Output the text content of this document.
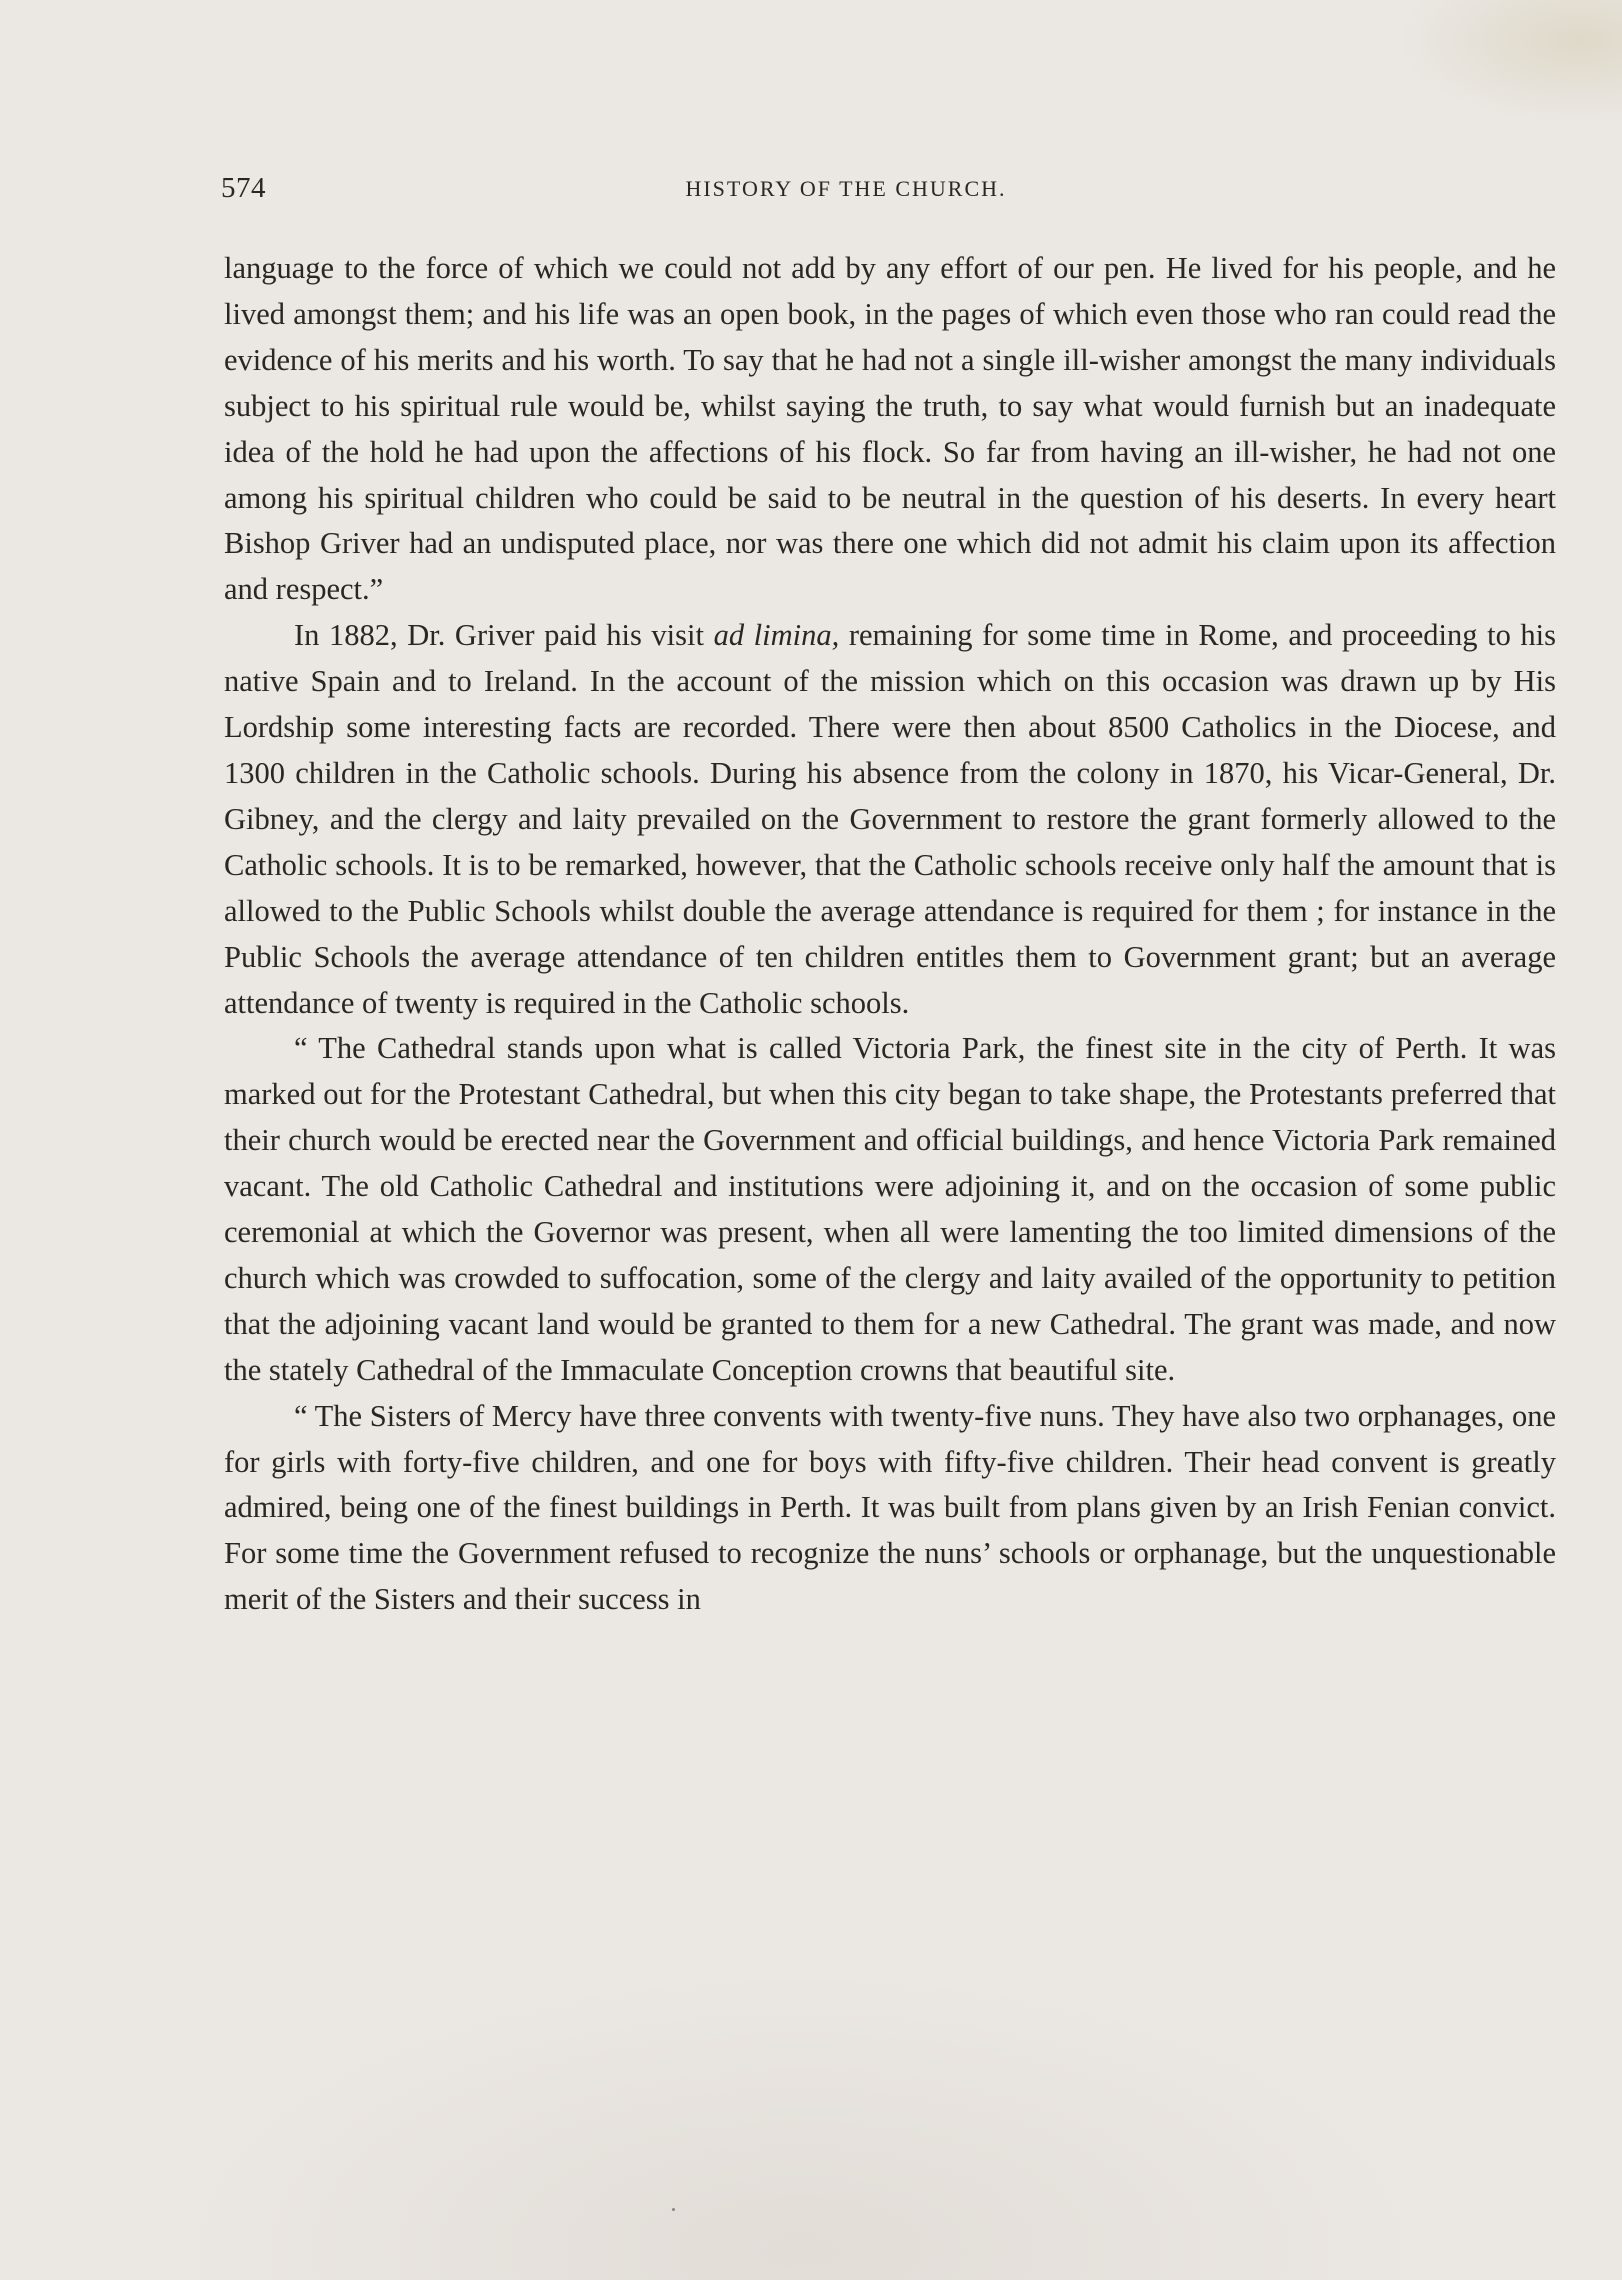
574	HISTORY OF THE CHURCH.

language to the force of which we could not add by any effort of our pen. He lived for his people, and he lived amongst them; and his life was an open book, in the pages of which even those who ran could read the evidence of his merits and his worth. To say that he had not a single ill-wisher amongst the many individuals subject to his spiritual rule would be, whilst saying the truth, to say what would furnish but an inadequate idea of the hold he had upon the affections of his flock. So far from having an ill-wisher, he had not one among his spiritual children who could be said to be neutral in the question of his deserts. In every heart Bishop Griver had an undisputed place, nor was there one which did not admit his claim upon its affection and respect.”

In 1882, Dr. Griver paid his visit ad limina, remaining for some time in Rome, and proceeding to his native Spain and to Ireland. In the account of the mission which on this occasion was drawn up by His Lordship some interesting facts are recorded. There were then about 8500 Catholics in the Diocese, and 1300 children in the Catholic schools. During his absence from the colony in 1870, his Vicar-General, Dr. Gibney, and the clergy and laity prevailed on the Government to restore the grant formerly allowed to the Catholic schools. It is to be remarked, however, that the Catholic schools receive only half the amount that is allowed to the Public Schools whilst double the average attendance is required for them ; for instance in the Public Schools the average attendance of ten children entitles them to Government grant; but an average attendance of twenty is required in the Catholic schools.

“ The Cathedral stands upon what is called Victoria Park, the finest site in the city of Perth. It was marked out for the Protestant Cathedral, but when this city began to take shape, the Protestants preferred that their church would be erected near the Government and official buildings, and hence Victoria Park remained vacant. The old Catholic Cathedral and institutions were adjoining it, and on the occasion of some public ceremonial at which the Governor was present, when all were lamenting the too limited dimensions of the church which was crowded to suffocation, some of the clergy and laity availed of the opportunity to petition that the adjoining vacant land would be granted to them for a new Cathedral. The grant was made, and now the stately Cathedral of the Immaculate Conception crowns that beautiful site.

“ The Sisters of Mercy have three convents with twenty-five nuns. They have also two orphanages, one for girls with forty-five children, and one for boys with fifty-five children. Their head convent is greatly admired, being one of the finest buildings in Perth. It was built from plans given by an Irish Fenian convict. For some time the Government refused to recognize the nuns’ schools or orphanage, but the unquestionable merit of the Sisters and their success in
